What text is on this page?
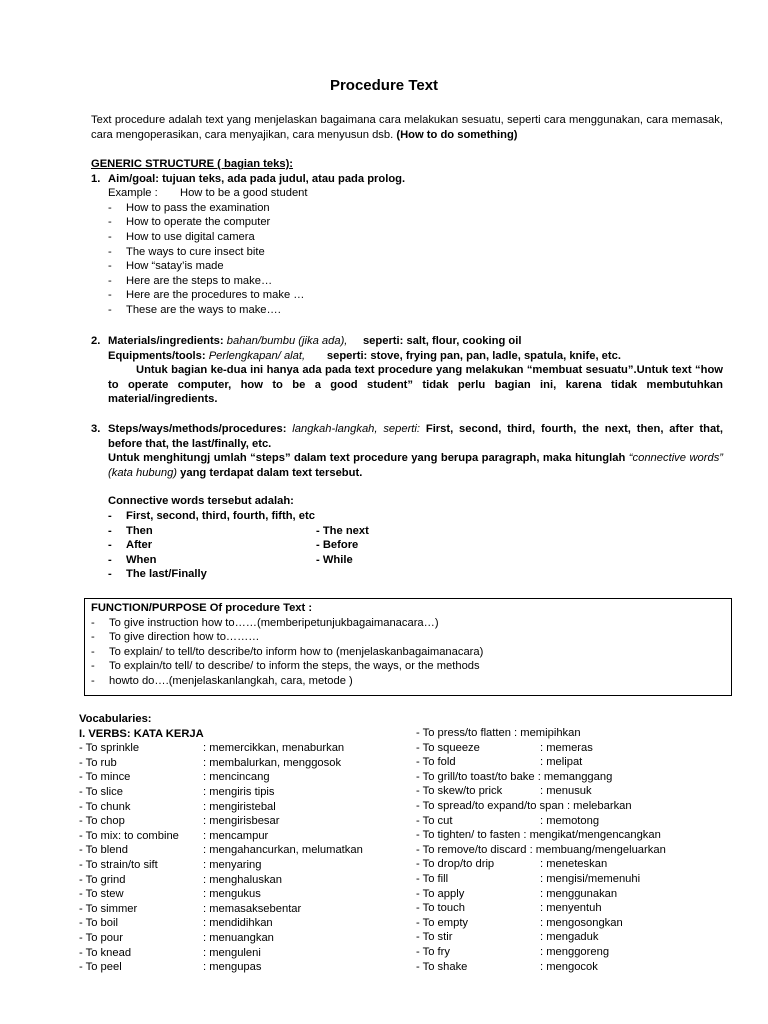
Procedure Text
Text procedure adalah text yang menjelaskan bagaimana cara melakukan sesuatu, seperti cara menggunakan, cara memasak, cara mengoperasikan, cara menyajikan, cara menyusun dsb. (How to do something)
GENERIC STRUCTURE ( bagian teks):
1. Aim/goal: tujuan teks, ada pada judul, atau pada prolog.
Example : How to be a good student
-	How to pass the examination
-	How to operate the computer
-	How to use digital camera
-	The ways to cure insect bite
-	How “satay’is made
-	Here are the steps to make…
-	Here are the procedures to make …
-	These are the ways to make….
2. Materials/ingredients: bahan/bumbu (jika ada), seperti: salt, flour, cooking oil
Equipments/tools: Perlengkapan/ alat, seperti: stove, frying pan, pan, ladle, spatula, knife, etc.
Untuk bagian ke-dua ini hanya ada pada text procedure yang melakukan “membuat sesuatu”.Untuk text “how to operate computer, how to be a good student” tidak perlu bagian ini, karena tidak membutuhkan material/ingredients.
3. Steps/ways/methods/procedures: langkah-langkah, seperti: First, second, third, fourth, the next, then, after that, before that, the last/finally, etc.
Untuk menghitungj umlah “steps” dalam text procedure yang berupa paragraph, maka hitunglah “connective words” (kata hubung) yang terdapat dalam text tersebut.
Connective words tersebut adalah:
-	First, second, third, fourth, fifth, etc
-	Then	- The next
-	After	- Before
-	When	- While
-	The last/Finally
FUNCTION/PURPOSE Of procedure Text :
-	To give instruction how to……(memberipetunjukbagaimanacara…)
-	To give direction how to………
-	To explain/ to tell/to describe/to inform how to (menjelaskanbagaimanacara)
-	To explain/to tell/ to describe/ to inform the steps, the ways, or the methods
-	howto do….(menjelaskanlangkah, cara, metode )
Vocabularies:
I. VERBS: KATA KERJA
- To sprinkle	: memercikkan, menaburkan
- To rub	: membalurkan, menggosok
- To mince	: mencincang
- To slice	: mengiris tipis
- To chunk	: mengiristebal
- To chop	: mengirisbesar
- To mix: to combine	: mencampur
- To blend	: mengahancurkan, melumatkan
- To strain/to sift	: menyaring
- To grind	: menghaluskan
- To stew	: mengukus
- To simmer	: memasaksebentar
- To boil	: mendidihkan
- To pour	: menuangkan
- To knead	: menguleni
- To peel	: mengupas
- To press/to flatten : memipihkan
- To squeeze	: memeras
- To fold	: melipat
- To grill/to toast/to bake : memanggang
- To skew/to prick	: menusuk
- To spread/to expand/to span : melebarkan
- To cut	: memotong
- To tighten/ to fasten : mengikat/mengencangkan
- To remove/to discard : membuang/mengeluarkan
- To drop/to drip	: meneteskan
- To fill	: mengisi/memenuhi
- To apply	: menggunakan
- To touch	: menyentuh
- To empty	: mengosongkan
- To stir	: mengaduk
- To fry	: menggoreng
- To shake	: mengocok
